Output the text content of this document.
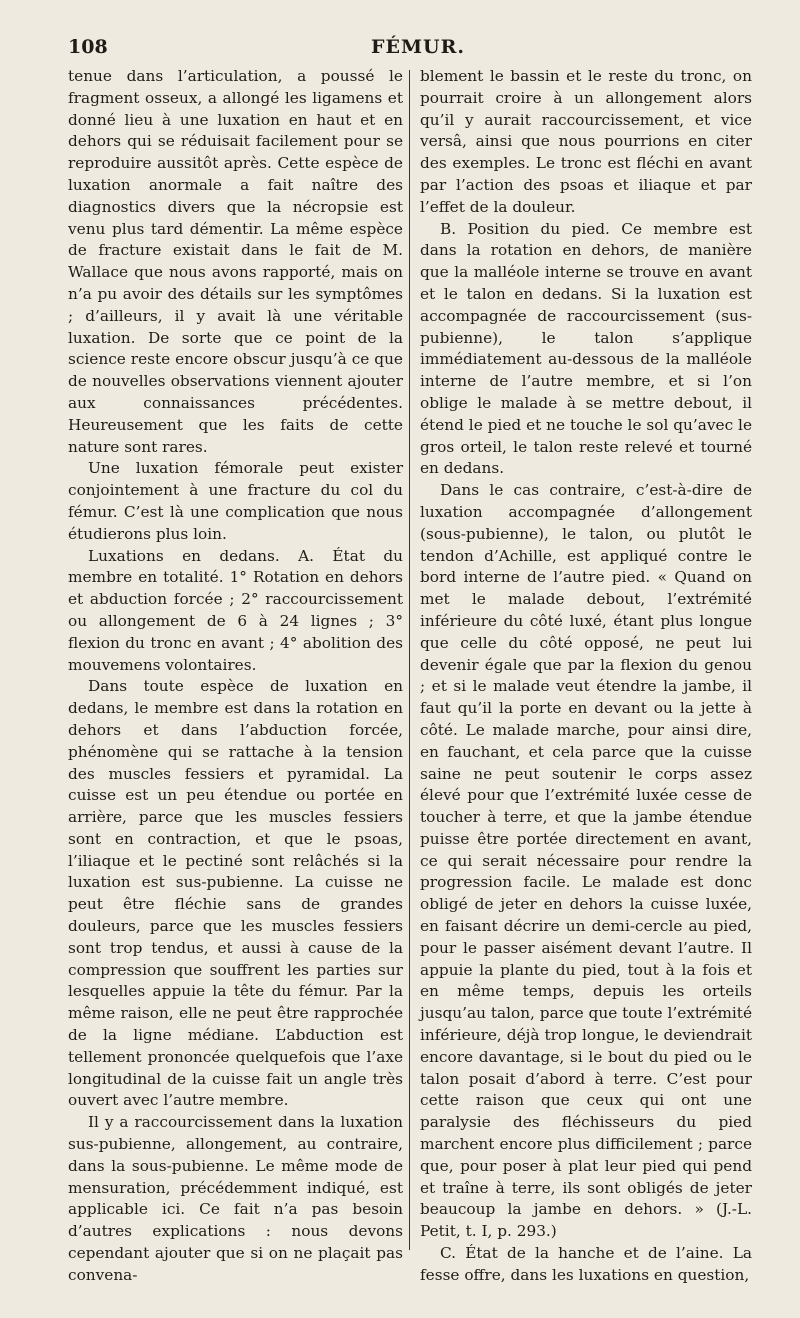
108	FÉMUR.

tenue dans l’articulation, a poussé le fragment osseux, a allongé les ligamens et donné lieu à une luxation en haut et en dehors qui se réduisait facilement pour se reproduire aussitôt après. Cette espèce de luxation anormale a fait naître des diagnostics divers que la nécropsie est venu plus tard démentir. La même espèce de fracture existait dans le fait de M. Wallace que nous avons rapporté, mais on n’a pu avoir des détails sur les symptômes ; d’ailleurs, il y avait là une véritable luxation. De sorte que ce point de la science reste encore obscur jusqu’à ce que de nouvelles observations viennent ajouter aux connaissances précédentes. Heureusement que les faits de cette nature sont rares.

Une luxation fémorale peut exister conjointement à une fracture du col du fémur. C’est là une complication que nous étudierons plus loin.

Luxations en dedans. A. État du membre en totalité. 1° Rotation en dehors et abduction forcée ; 2° raccourcissement ou allongement de 6 à 24 lignes ; 3° flexion du tronc en avant ; 4° abolition des mouvemens volontaires.

Dans toute espèce de luxation en dedans, le membre est dans la rotation en dehors et dans l’abduction forcée, phénomène qui se rattache à la tension des muscles fessiers et pyramidal. La cuisse est un peu étendue ou portée en arrière, parce que les muscles fessiers sont en contraction, et que le psoas, l’iliaque et le pectiné sont relâchés si la luxation est sus-pubienne. La cuisse ne peut être fléchie sans de grandes douleurs, parce que les muscles fessiers sont trop tendus, et aussi à cause de la compression que souffrent les parties sur lesquelles appuie la tête du fémur. Par la même raison, elle ne peut être rapprochée de la ligne médiane. L’abduction est tellement prononcée quelquefois que l’axe longitudinal de la cuisse fait un angle très ouvert avec l’autre membre.

Il y a raccourcissement dans la luxation sus-pubienne, allongement, au contraire, dans la sous-pubienne. Le même mode de mensuration, précédemment indiqué, est applicable ici. Ce fait n’a pas besoin d’autres explications : nous devons cependant ajouter que si on ne plaçait pas convena-

blement le bassin et le reste du tronc, on pourrait croire à un allongement alors qu’il y aurait raccourcissement, et vice versâ, ainsi que nous pourrions en citer des exemples. Le tronc est fléchi en avant par l’action des psoas et iliaque et par l’effet de la douleur.

B. Position du pied. Ce membre est dans la rotation en dehors, de manière que la malléole interne se trouve en avant et le talon en dedans. Si la luxation est accompagnée de raccourcissement (sus-pubienne), le talon s’applique immédiatement au-dessous de la malléole interne de l’autre membre, et si l’on oblige le malade à se mettre debout, il étend le pied et ne touche le sol qu’avec le gros orteil, le talon reste relevé et tourné en dedans.

Dans le cas contraire, c’est-à-dire de luxation accompagnée d’allongement (sous-pubienne), le talon, ou plutôt le tendon d’Achille, est appliqué contre le bord interne de l’autre pied. « Quand on met le malade debout, l’extrémité inférieure du côté luxé, étant plus longue que celle du côté opposé, ne peut lui devenir égale que par la flexion du genou ; et si le malade veut étendre la jambe, il faut qu’il la porte en devant ou la jette à côté. Le malade marche, pour ainsi dire, en fauchant, et cela parce que la cuisse saine ne peut soutenir le corps assez élevé pour que l’extrémité luxée cesse de toucher à terre, et que la jambe étendue puisse être portée directement en avant, ce qui serait nécessaire pour rendre la progression facile. Le malade est donc obligé de jeter en dehors la cuisse luxée, en faisant décrire un demi-cercle au pied, pour le passer aisément devant l’autre. Il appuie la plante du pied, tout à la fois et en même temps, depuis les orteils jusqu’au talon, parce que toute l’extrémité inférieure, déjà trop longue, le deviendrait encore davantage, si le bout du pied ou le talon posait d’abord à terre. C’est pour cette raison que ceux qui ont une paralysie des fléchisseurs du pied marchent encore plus difficilement ; parce que, pour poser à plat leur pied qui pend et traîne à terre, ils sont obligés de jeter beaucoup la jambe en dehors. » (J.-L. Petit, t. I, p. 293.)

C. État de la hanche et de l’aine. La fesse offre, dans les luxations en question,
